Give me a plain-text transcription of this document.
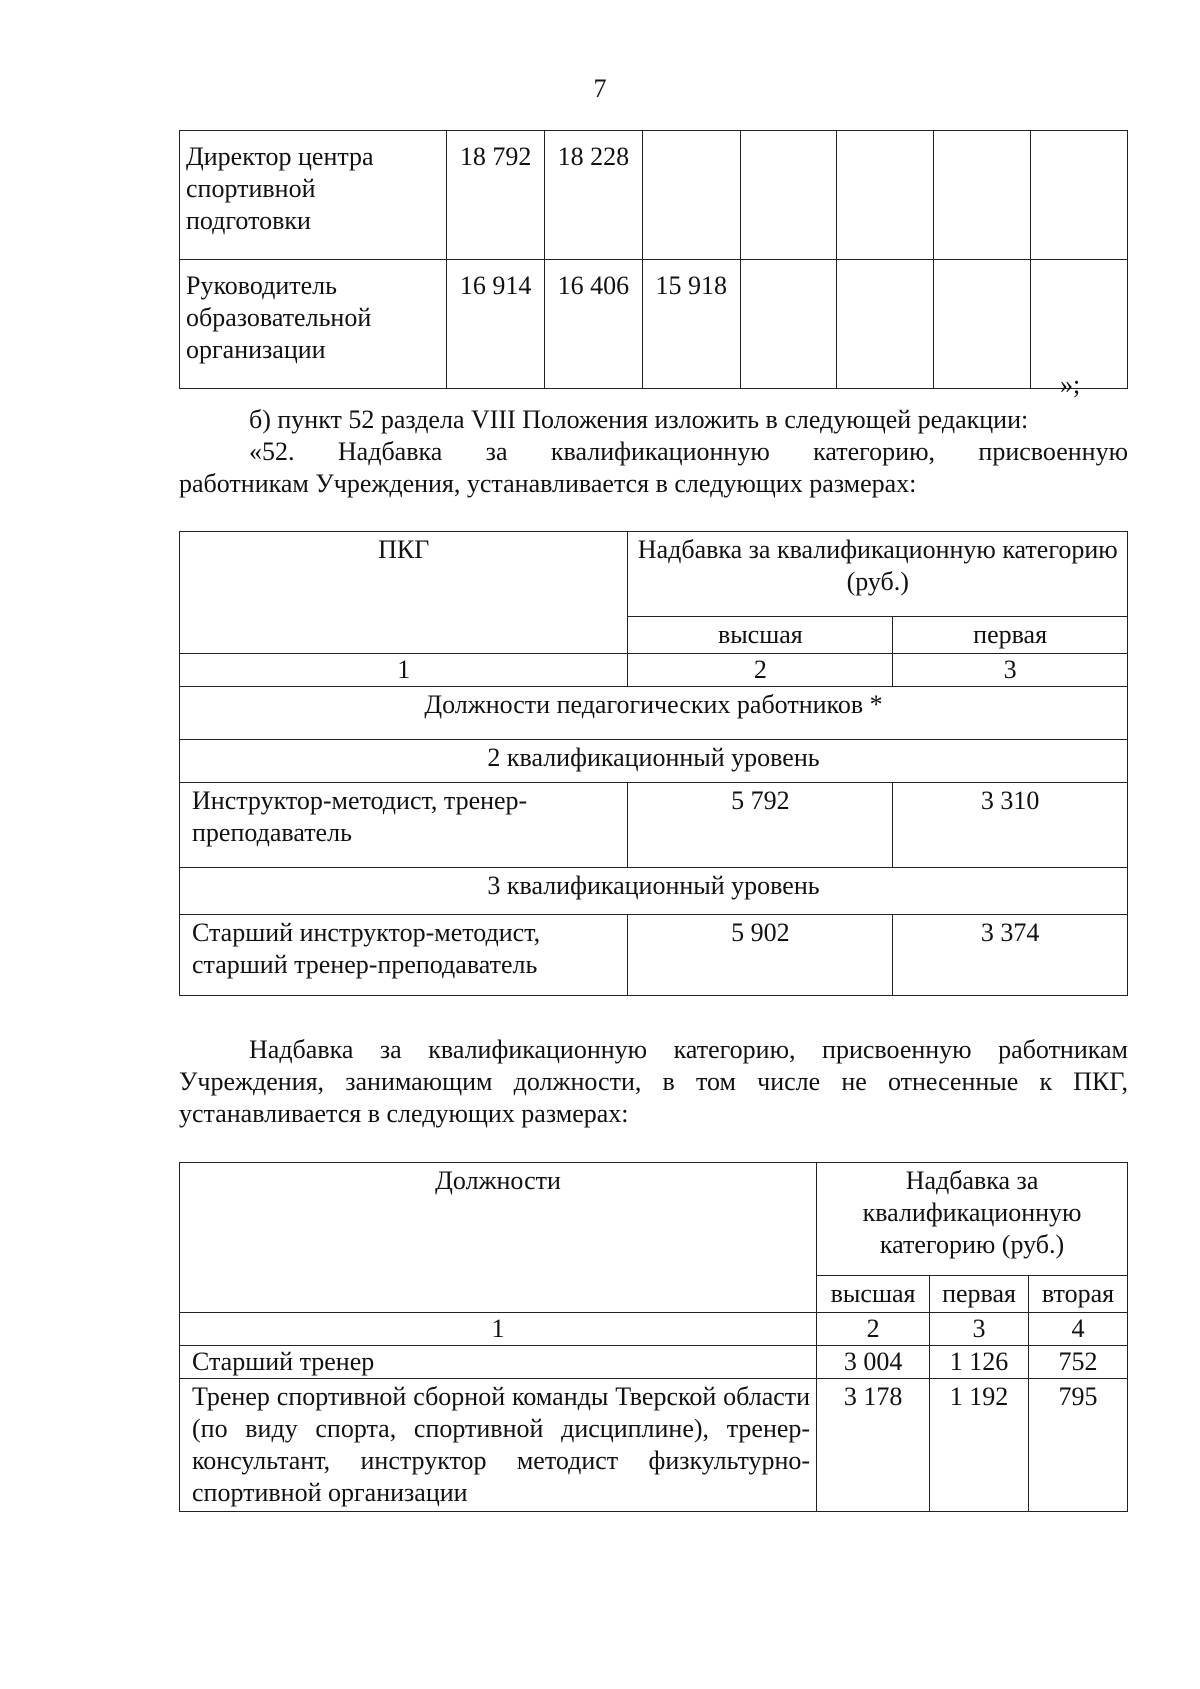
7
Директор центра спортивной подготовки	18 792	18 228					
Руководитель образовательной организации	16 914	16 406	15 918				
»;
б) пункт 52 раздела VIII Положения изложить в следующей редакции:
«52. Надбавка за квалификационную категорию, присвоенную
работникам Учреждения, устанавливается в следующих размерах:
ПКГ	Надбавка за квалификационную категорию (руб.)	
	высшая	первая
1	2	3
Должности педагогических работников *		
2 квалификационный уровень		
Инструктор-методист, тренер-преподаватель	5 792	3 310
3 квалификационный уровень		
Старший инструктор-методист, старший тренер-преподаватель	5 902	3 374
Надбавка за квалификационную категорию, присвоенную работникам Учреждения, занимающим должности, в том числе не отнесенные к ПКГ, устанавливается в следующих размерах:
Должности	Надбавка за квалификационную категорию (руб.)		
	высшая	первая	вторая
1	2	3	4
Старший тренер	3 004	1 126	752
Тренер спортивной сборной команды Тверской области (по виду спорта, спортивной дисциплине), тренер-консультант, инструктор методист физкультурно-спортивной организации	3 178	1 192	795
